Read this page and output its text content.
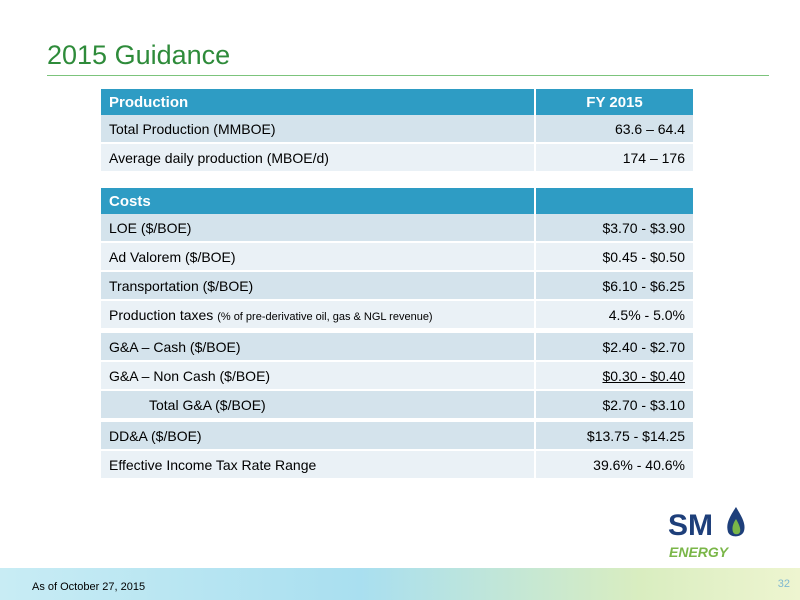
2015 Guidance
Production	FY 2015
Total Production (MMBOE)	63.6 – 64.4
Average daily production (MBOE/d)	174 – 176
Costs	
LOE ($/BOE)	$3.70 - $3.90
Ad Valorem ($/BOE)	$0.45 - $0.50
Transportation ($/BOE)	$6.10 - $6.25
Production taxes (% of pre-derivative oil, gas & NGL revenue)	4.5% - 5.0%
G&A – Cash ($/BOE)	$2.40 - $2.70
G&A – Non Cash ($/BOE)	$0.30 - $0.40
Total G&A ($/BOE)	$2.70 - $3.10
DD&A ($/BOE)	$13.75 - $14.25
Effective Income Tax Rate Range	39.6% - 40.6%
SM
ENERGY
As of October 27, 2015	32
